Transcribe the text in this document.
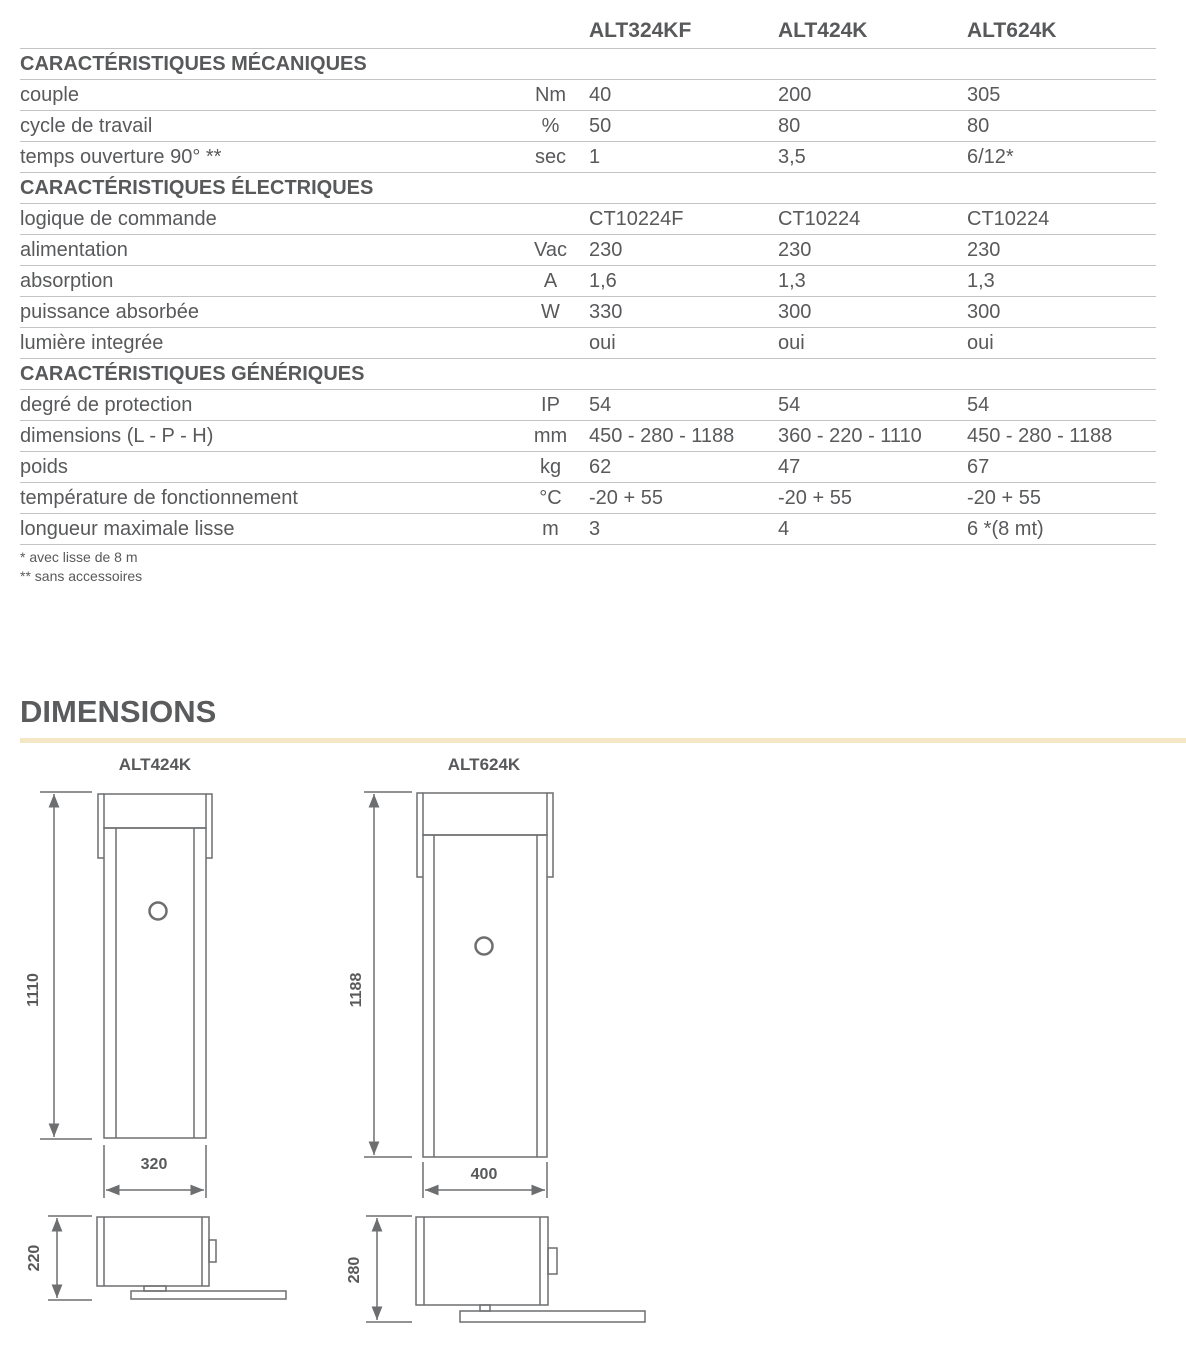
		ALT324KF	ALT424K	ALT624K
CARACTÉRISTIQUES MÉCANIQUES				
couple	Nm	40	200	305
cycle de travail	%	50	80	80
temps ouverture 90° **	sec	1	3,5	6/12*
CARACTÉRISTIQUES ÉLECTRIQUES				
logique de commande		CT10224F	CT10224	CT10224
alimentation	Vac	230	230	230
absorption	A	1,6	1,3	1,3
puissance absorbée	W	330	300	300
lumière integrée		oui	oui	oui
CARACTÉRISTIQUES GÉNÉRIQUES				
degré de protection	IP	54	54	54
dimensions (L - P - H)	mm	450 - 280 - 1188	360 - 220 - 1110	450 - 280 - 1188
poids	kg	62	47	67
température de fonctionnement	°C	-20 + 55	-20 + 55	-20 + 55
longueur maximale lisse	m	3	4	6 *(8 mt)
* avec lisse de 8 m
** sans accessoires
DIMENSIONS
ALT424K
1110
320
220
ALT624K
1188
400
280
